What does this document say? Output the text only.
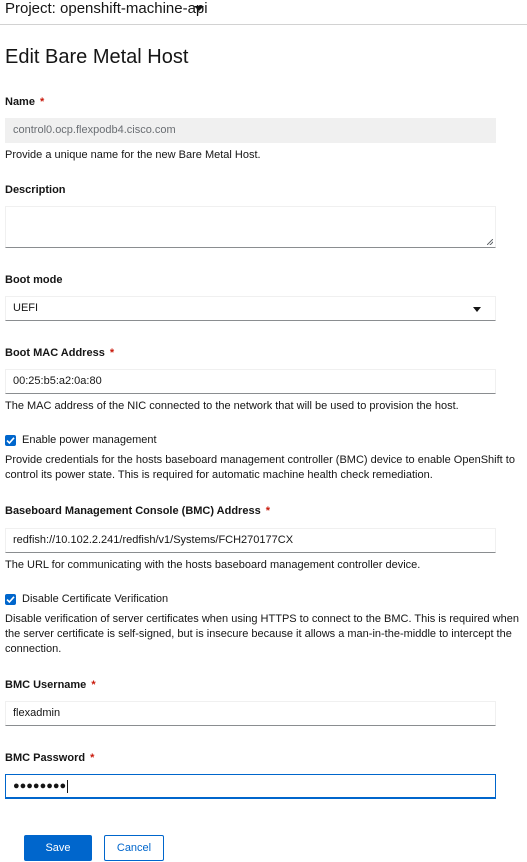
Project: openshift-machine-api
Edit Bare Metal Host
Name *
control0.ocp.flexpodb4.cisco.com
Provide a unique name for the new Bare Metal Host.
Description
Boot mode
UEFI
Boot MAC Address *
00:25:b5:a2:0a:80
The MAC address of the NIC connected to the network that will be used to provision the host.
Enable power management
Provide credentials for the hosts baseboard management controller (BMC) device to enable OpenShift to control its power state. This is required for automatic machine health check remediation.
Baseboard Management Console (BMC) Address *
redfish://10.102.2.241/redfish/v1/Systems/FCH270177CX
The URL for communicating with the hosts baseboard management controller device.
Disable Certificate Verification
Disable verification of server certificates when using HTTPS to connect to the BMC. This is required when the server certificate is self-signed, but is insecure because it allows a man-in-the-middle to intercept the connection.
BMC Username *
flexadmin
BMC Password *
●●●●●●●●
Save	Cancel
